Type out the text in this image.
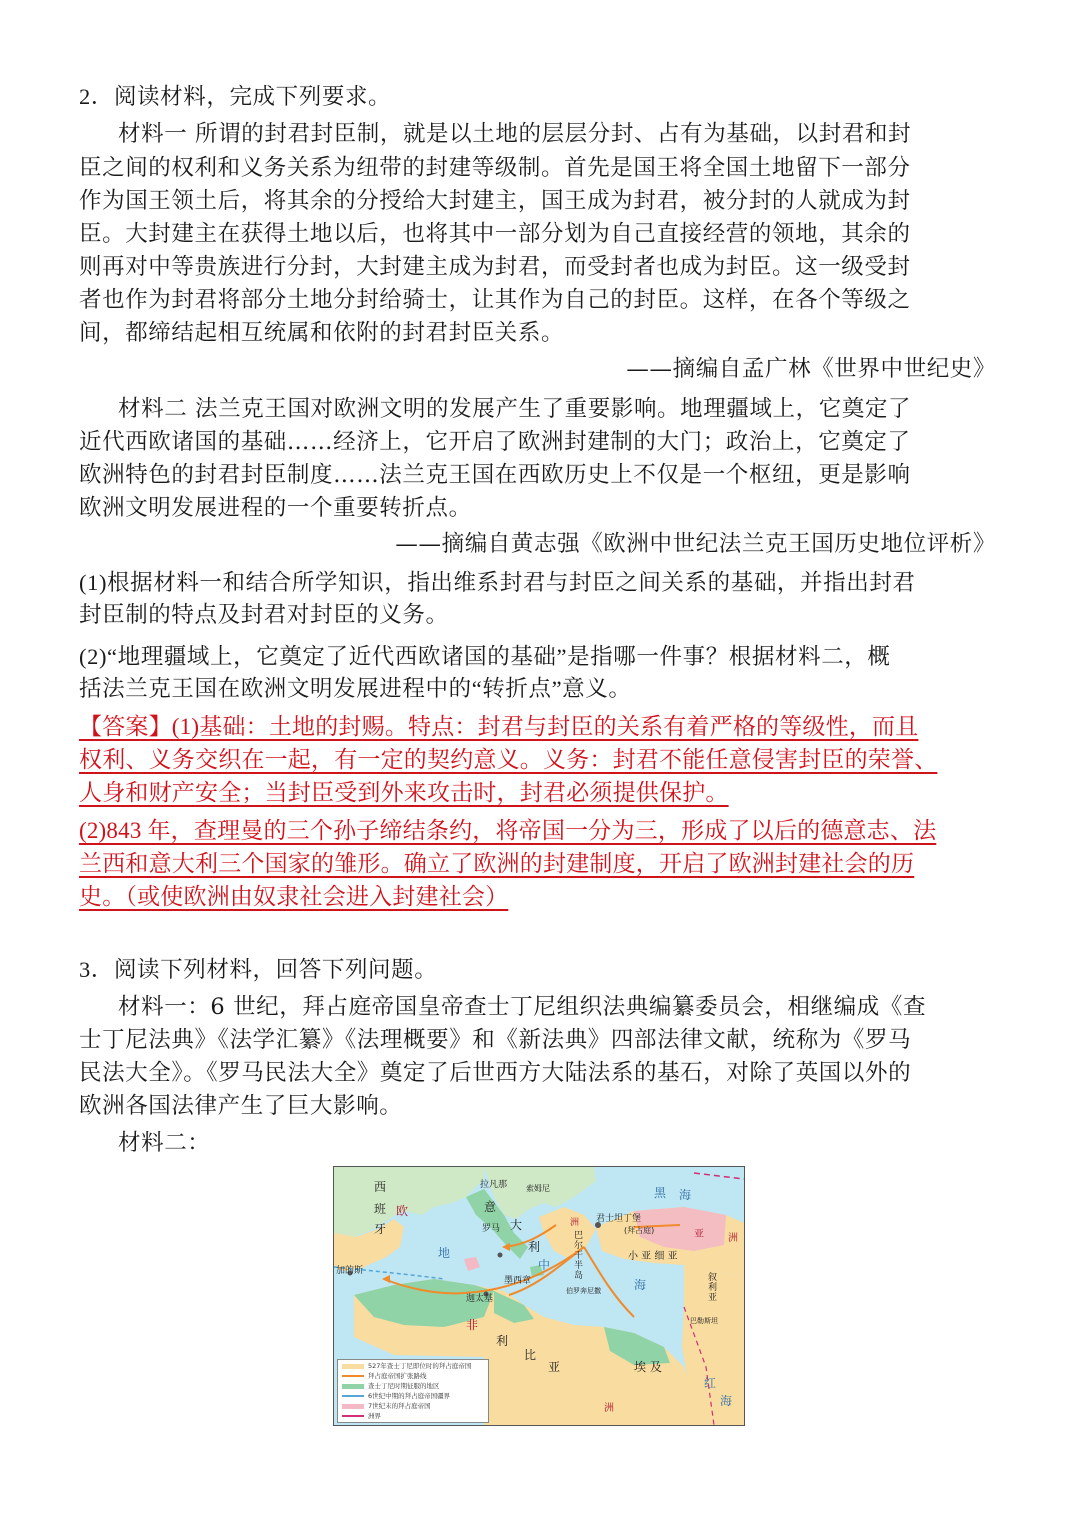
2．阅读材料，完成下列要求。
材料一 所谓的封君封臣制，就是以土地的层层分封、占有为基础，以封君和封
臣之间的权利和义务关系为纽带的封建等级制。首先是国王将全国土地留下一部分
作为国王领土后，将其余的分授给大封建主，国王成为封君，被分封的人就成为封
臣。大封建主在获得土地以后，也将其中一部分划为自己直接经营的领地，其余的
则再对中等贵族进行分封，大封建主成为封君，而受封者也成为封臣。这一级受封
者也作为封君将部分土地分封给骑士，让其作为自己的封臣。这样，在各个等级之
间，都缔结起相互统属和依附的封君封臣关系。
——摘编自孟广林《世界中世纪史》
材料二 法兰克王国对欧洲文明的发展产生了重要影响。地理疆域上，它奠定了
近代西欧诸国的基础……经济上，它开启了欧洲封建制的大门；政治上，它奠定了
欧洲特色的封君封臣制度……法兰克王国在西欧历史上不仅是一个枢纽，更是影响
欧洲文明发展进程的一个重要转折点。
——摘编自黄志强《欧洲中世纪法兰克王国历史地位评析》
(1)根据材料一和结合所学知识，指出维系封君与封臣之间关系的基础，并指出封君
封臣制的特点及封君对封臣的义务。
(2)“地理疆域上，它奠定了近代西欧诸国的基础”是指哪一件事？根据材料二，概
括法兰克王国在欧洲文明发展进程中的“转折点”意义。
【答案】(1)基础：土地的封赐。特点：封君与封臣的关系有着严格的等级性，而且
权利、义务交织在一起，有一定的契约意义。义务：封君不能任意侵害封臣的荣誉、
人身和财产安全；当封臣受到外来攻击时，封君必须提供保护。
(2)843 年，查理曼的三个孙子缔结条约，将帝国一分为三，形成了以后的德意志、法
兰西和意大利三个国家的雏形。确立了欧洲的封建制度，开启了欧洲封建社会的历
史。（或使欧洲由奴隶社会进入封建社会）
3．阅读下列材料，回答下列问题。
材料一：6 世纪，拜占庭帝国皇帝查士丁尼组织法典编纂委员会，相继编成《查
士丁尼法典》《法学汇纂》《法理概要》和《新法典》四部法律文献，统称为《罗马
民法大全》。《罗马民法大全》奠定了后世西方大陆法系的基石，对除了英国以外的
欧洲各国法律产生了巨大影响。
材料二：
西
班
牙
欧
加的斯
拉凡那
意
罗马 大
利
索姆尼
洲
巴
尔
干
半
岛
君士坦丁堡
(拜占庭)
黑 海
亚 洲
小 亚 细 亚
地
中
海
迦太基
墨西章
伯罗奔尼撒
非
利
比
亚
叙
利
亚
巴勒斯坦
埃 及
红
海
洲
527年查士丁尼即位时的拜占庭帝国
拜占庭帝国扩张路线
查士丁尼时期征服的地区
6世纪中期的拜占庭帝国疆界
7世纪末的拜占庭帝国
洲界
